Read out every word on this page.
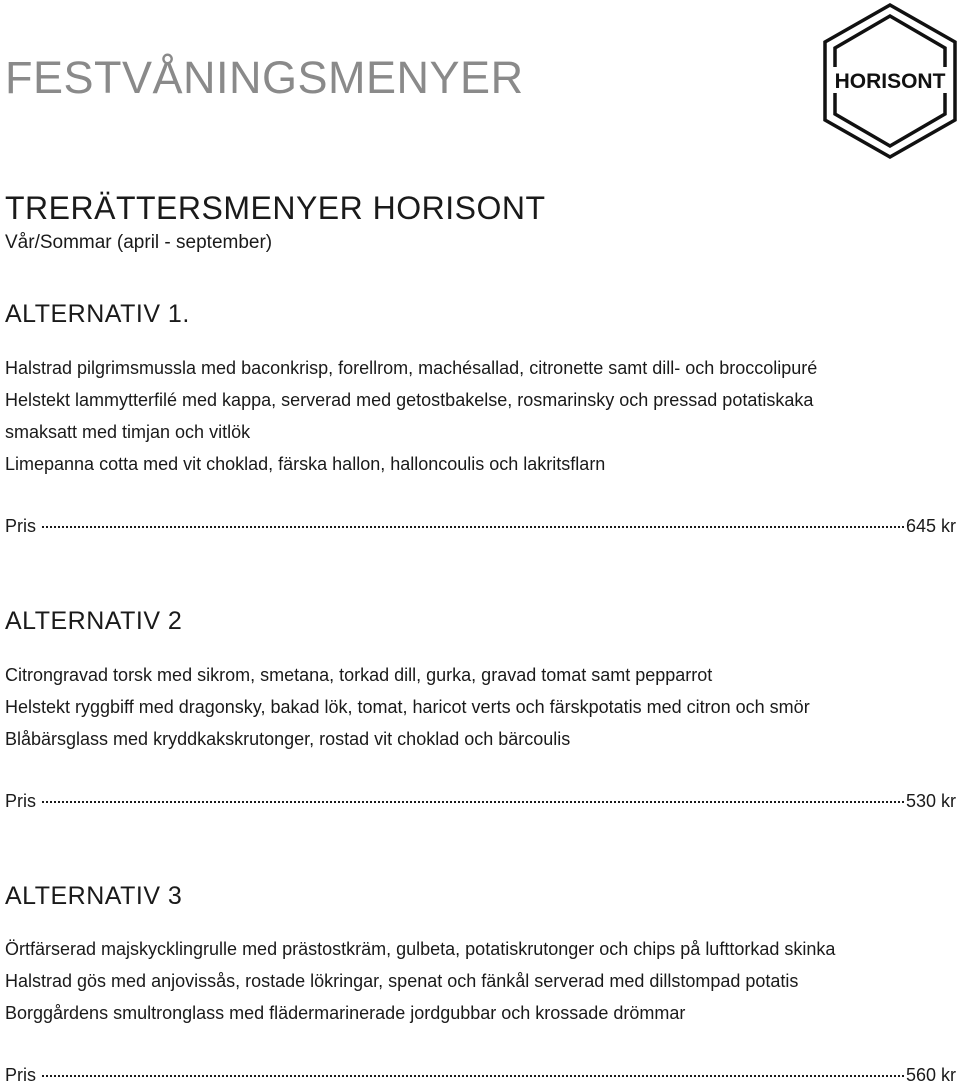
FESTVÅNINGSMENYER	HORISONT
TRERÄTTERSMENYER HORISONT
Vår/Sommar (april - september)
ALTERNATIV 1.
Halstrad pilgrimsmussla med baconkrisp, forellrom, machésallad, citronette samt dill- och broccolipuré
Helstekt lammytterfilé med kappa, serverad med getostbakelse, rosmarinsky och pressad potatiskaka
smaksatt med timjan och vitlök
Limepanna cotta med vit choklad, färska hallon, halloncoulis och lakritsflarn
Pris	645 kr
ALTERNATIV 2
Citrongravad torsk med sikrom, smetana, torkad dill, gurka, gravad tomat samt pepparrot
Helstekt ryggbiff med dragonsky, bakad lök, tomat, haricot verts och färskpotatis med citron och smör
Blåbärsglass med kryddkakskrutonger, rostad vit choklad och bärcoulis
Pris	530 kr
ALTERNATIV 3
Örtfärserad majskycklingrulle med prästostkräm, gulbeta, potatiskrutonger och chips på lufttorkad skinka
Halstrad gös med anjovissås, rostade lökringar, spenat och fänkål serverad med dillstompad potatis
Borggårdens smultronglass med flädermarinerade jordgubbar och krossade drömmar
Pris	560 kr
